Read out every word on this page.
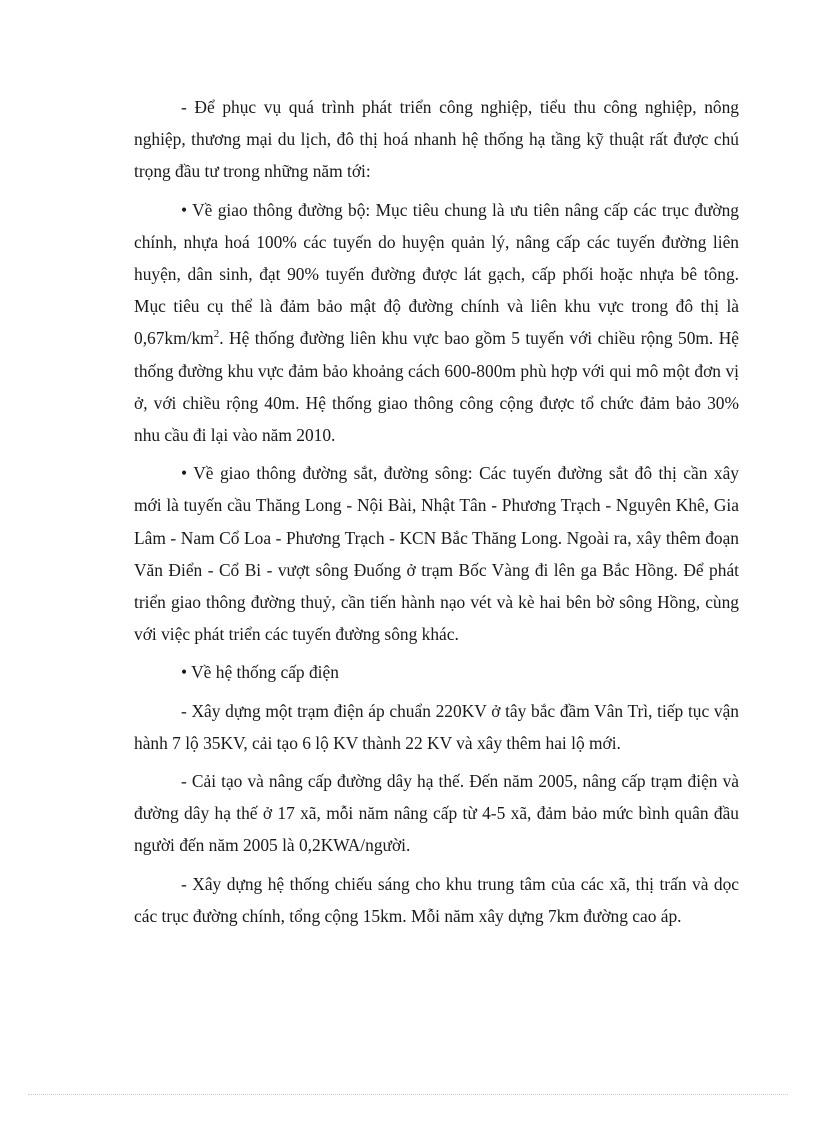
- Để phục vụ quá trình phát triển công nghiệp, tiểu thu công nghiệp, nông nghiệp, thương mại du lịch, đô thị hoá nhanh hệ thống hạ tầng kỹ thuật rất được chú trọng đầu tư trong những năm tới:

• Về giao thông đường bộ: Mục tiêu chung là ưu tiên nâng cấp các trục đường chính, nhựa hoá 100% các tuyến do huyện quản lý, nâng cấp các tuyến đường liên huyện, dân sinh, đạt 90% tuyến đường được lát gạch, cấp phối hoặc nhựa bê tông. Mục tiêu cụ thể là đảm bảo mật độ đường chính và liên khu vực trong đô thị là $0,67km/km^2$. Hệ thống đường liên khu vực bao gồm 5 tuyến với chiều rộng 50m. Hệ thống đường khu vực đảm bảo khoảng cách 600-800m phù hợp với qui mô một đơn vị ở, với chiều rộng 40m. Hệ thống giao thông công cộng được tổ chức đảm bảo 30% nhu cầu đi lại vào năm 2010.

• Về giao thông đường sắt, đường sông: Các tuyến đường sắt đô thị cần xây mới là tuyến cầu Thăng Long - Nội Bài, Nhật Tân - Phương Trạch - Nguyên Khê, Gia Lâm - Nam Cổ Loa - Phương Trạch - KCN Bắc Thăng Long. Ngoài ra, xây thêm đoạn Văn Điển - Cổ Bi - vượt sông Đuống ở trạm Bốc Vàng đi lên ga Bắc Hồng. Để phát triển giao thông đường thuỷ, cần tiến hành nạo vét và kè hai bên bờ sông Hồng, cùng với việc phát triển các tuyến đường sông khác.

• Về hệ thống cấp điện

- Xây dựng một trạm điện áp chuẩn 220KV ở tây bắc đầm Vân Trì, tiếp tục vận hành 7 lộ 35KV, cải tạo 6 lộ KV thành 22 KV và xây thêm hai lộ mới.

- Cải tạo và nâng cấp đường dây hạ thế. Đến năm 2005, nâng cấp trạm điện và đường dây hạ thế ở 17 xã, mỗi năm nâng cấp từ 4-5 xã, đảm bảo mức bình quân đầu người đến năm 2005 là 0,2KWA/người.

- Xây dựng hệ thống chiếu sáng cho khu trung tâm của các xã, thị trấn và dọc các trục đường chính, tổng cộng 15km. Mỗi năm xây dựng 7km đường cao áp.
